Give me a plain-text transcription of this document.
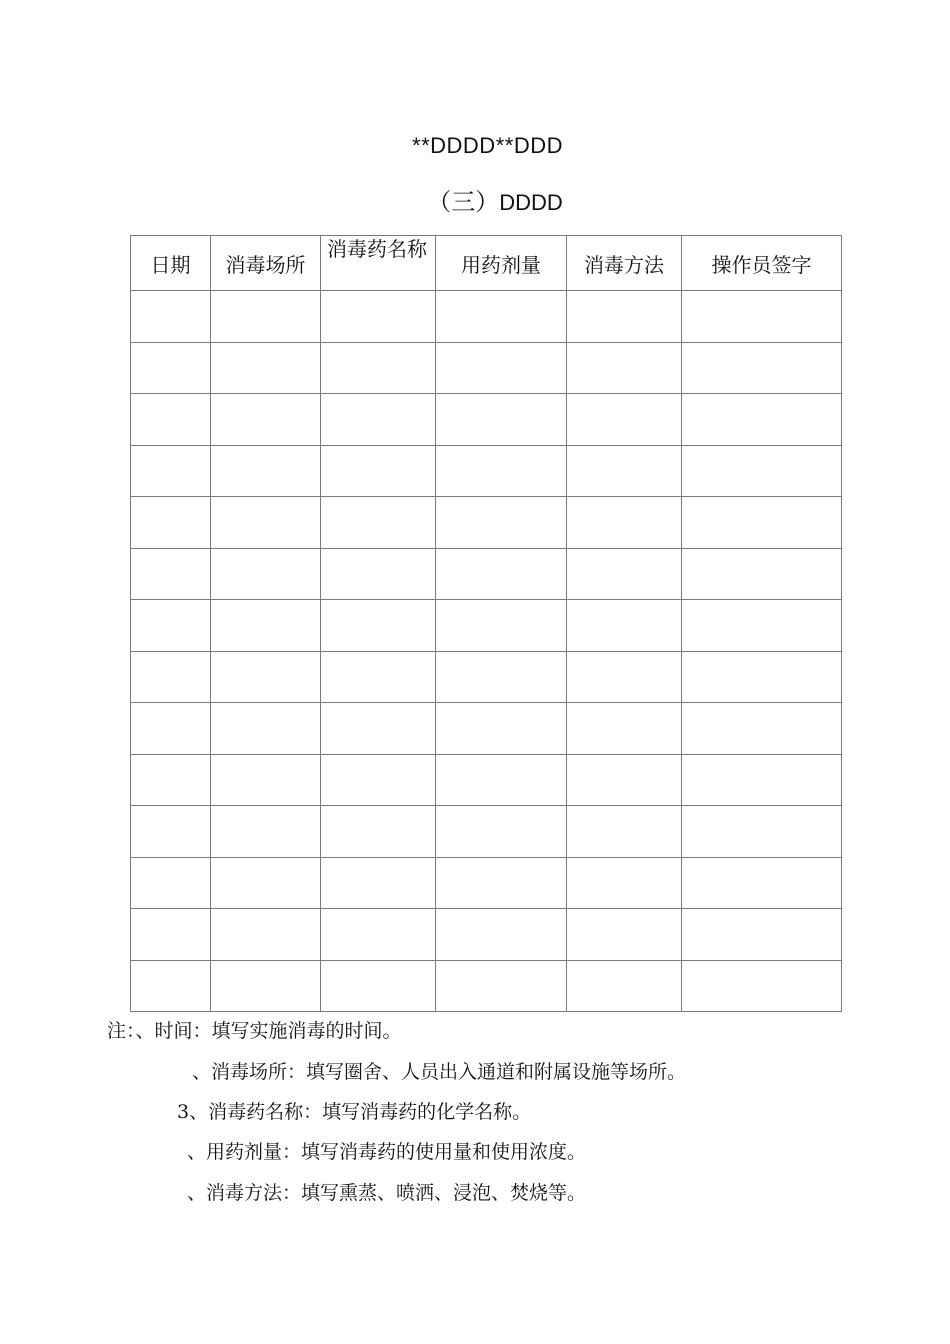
**DDDD**DDD
（三）DDDD
日期	消毒场所	消毒药名称	用药剂量	消毒方法	操作员签字

注：、时间：填写实施消毒的时间。
、消毒场所：填写圈舍、人员出入通道和附属设施等场所。
3、消毒药名称：填写消毒药的化学名称。
、用药剂量：填写消毒药的使用量和使用浓度。
、消毒方法：填写熏蒸、喷洒、浸泡、焚烧等。
